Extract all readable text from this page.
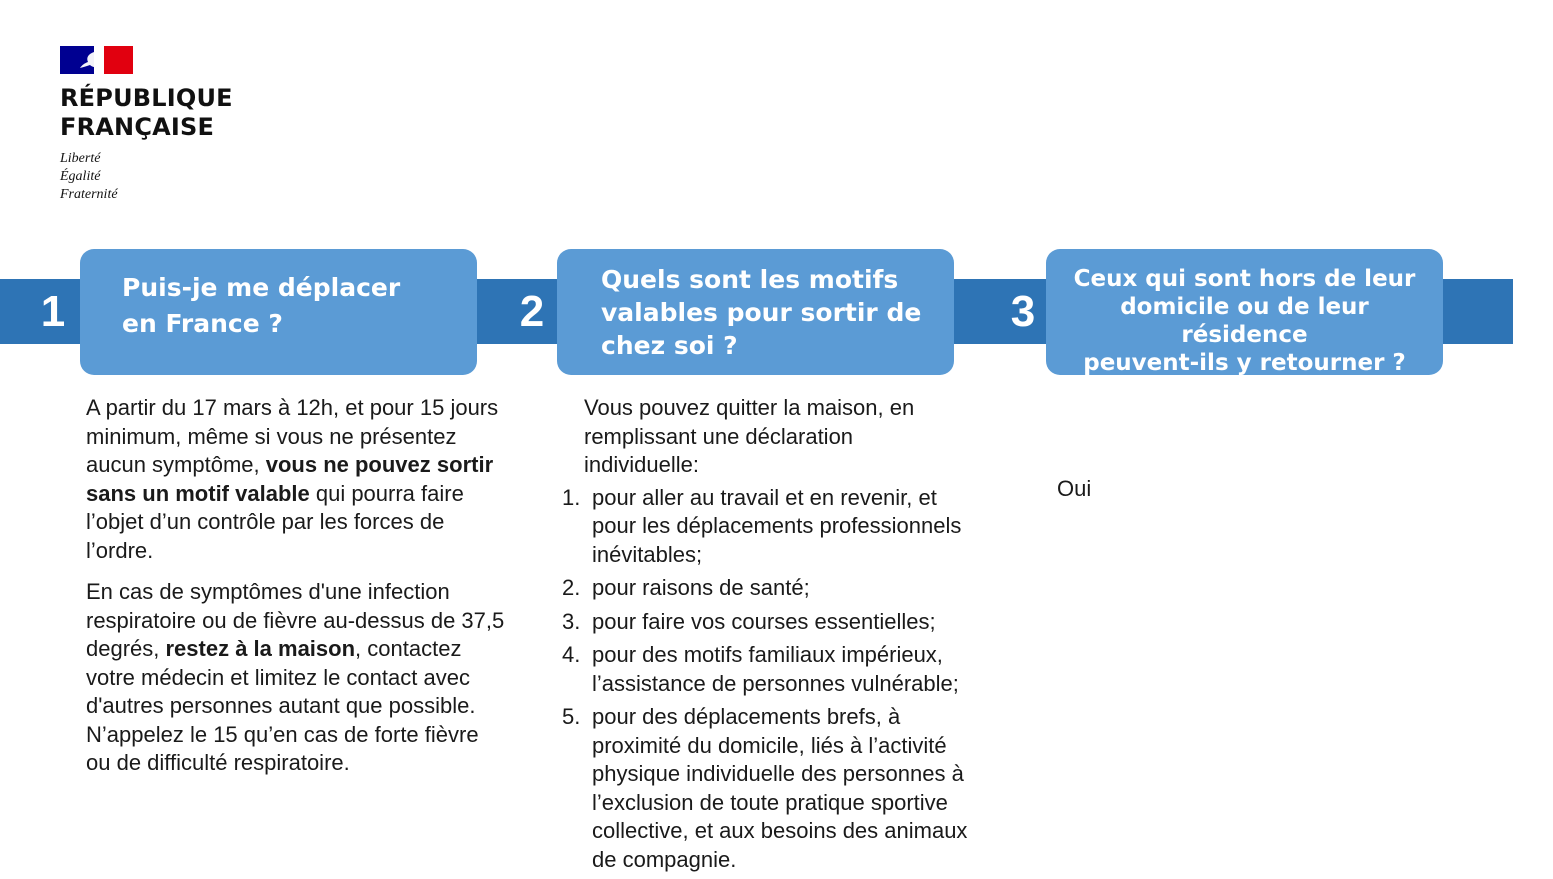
RÉPUBLIQUE
FRANÇAISE
Liberté
Égalité
Fraternité
1	2	3
Puis-je me déplacer
en France ?
Quels sont les motifs
valables pour sortir de
chez soi ?
Ceux qui sont hors de leur
domicile ou de leur résidence
peuvent-ils y retourner ?

A partir du 17 mars à 12h, et pour 15 jours minimum, même si vous ne présentez aucun symptôme, vous ne pouvez sortir sans un motif valable qui pourra faire l’objet d’un contrôle par les forces de l’ordre.

En cas de symptômes d'une infection respiratoire ou de fièvre au-dessus de 37,5 degrés, restez à la maison, contactez votre médecin et limitez le contact avec d'autres personnes autant que possible. N’appelez le 15 qu’en cas de forte fièvre ou de difficulté respiratoire.

Vous pouvez quitter la maison, en
remplissant une déclaration individuelle:

1. pour aller au travail et en revenir, et pour les déplacements professionnels inévitables;
2. pour raisons de santé;
3. pour faire vos courses essentielles;
4. pour des motifs familiaux impérieux, l’assistance de personnes vulnérable;
5. pour des déplacements brefs, à proximité du domicile, liés à l’activité physique individuelle des personnes à l’exclusion de toute pratique sportive collective, et aux besoins des animaux de compagnie.

Oui
